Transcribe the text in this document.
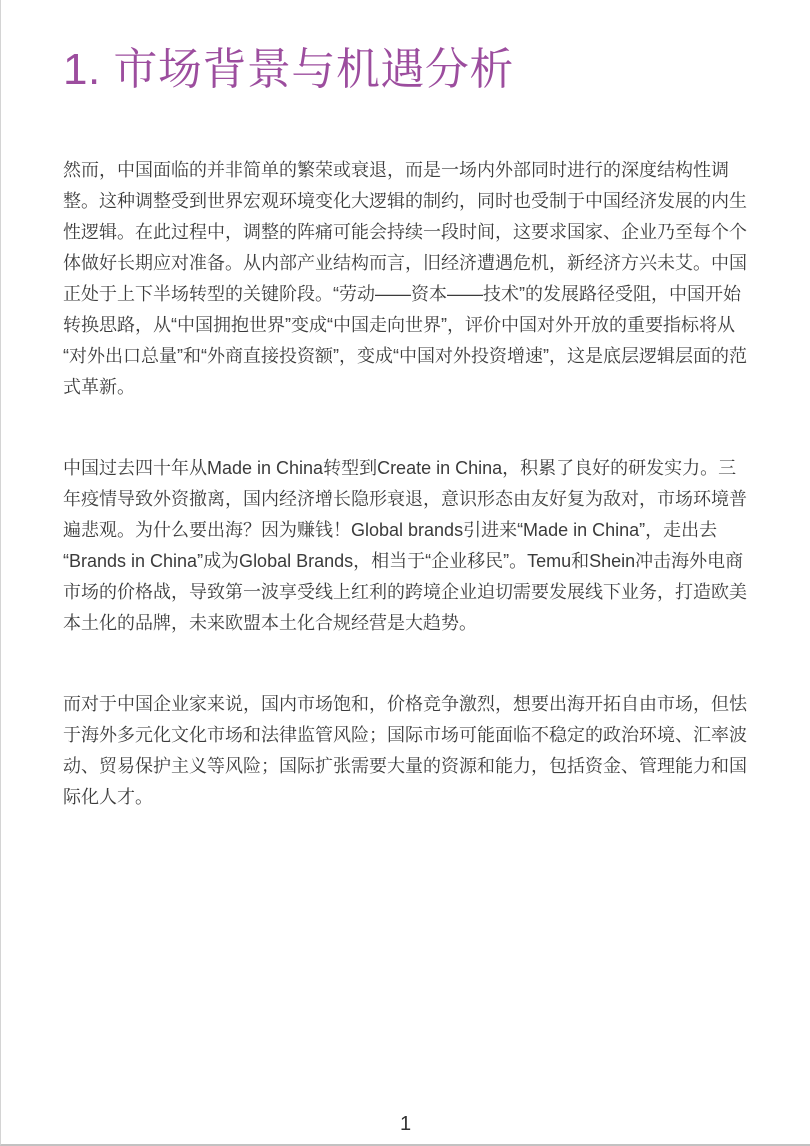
1. 市场背景与机遇分析

然而，中国面临的并非简单的繁荣或衰退，而是一场内外部同时进行的深度结构性调整。这种调整受到世界宏观环境变化大逻辑的制约，同时也受制于中国经济发展的内生性逻辑。在此过程中，调整的阵痛可能会持续一段时间，这要求国家、企业乃至每个个体做好长期应对准备。从内部产业结构而言，旧经济遭遇危机，新经济方兴未艾。中国正处于上下半场转型的关键阶段。“劳动——资本——技术”的发展路径受阻，中国开始转换思路，从“中国拥抱世界”变成“中国走向世界”，评价中国对外开放的重要指标将从“对外出口总量”和“外商直接投资额”，变成“中国对外投资增速”，这是底层逻辑层面的范式革新。

中国过去四十年从Made in China转型到Create in China，积累了良好的研发实力。三年疫情导致外资撤离，国内经济增长隐形衰退，意识形态由友好复为敌对，市场环境普遍悲观。为什么要出海？因为赚钱！Global brands引进来“Made in China”，走出去“Brands in China”成为Global Brands，相当于“企业移民”。Temu和Shein冲击海外电商市场的价格战，导致第一波享受线上红利的跨境企业迫切需要发展线下业务，打造欧美本土化的品牌，未来欧盟本土化合规经营是大趋势。

而对于中国企业家来说，国内市场饱和，价格竞争激烈，想要出海开拓自由市场，但怯于海外多元化文化市场和法律监管风险；国际市场可能面临不稳定的政治环境、汇率波动、贸易保护主义等风险；国际扩张需要大量的资源和能力，包括资金、管理能力和国际化人才。

1
